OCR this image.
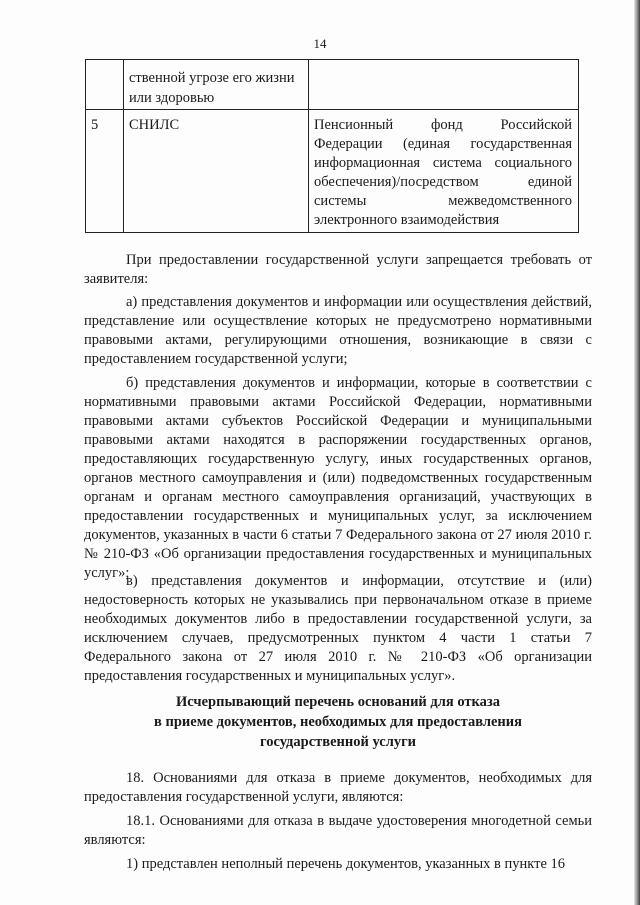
14
	ственной угрозе его жизни или здоровью	
5	СНИЛС	Пенсионный фонд Российской Федерации (единая государственная информационная система социального обеспечения)/посредством единой системы межведомственного электронного взаимодействия

При предоставлении государственной услуги запрещается требовать от заявителя:

а) представления документов и информации или осуществления действий, представление или осуществление которых не предусмотрено нормативными правовыми актами, регулирующими отношения, возникающие в связи с предоставлением государственной услуги;

б) представления документов и информации, которые в соответствии с нормативными правовыми актами Российской Федерации, нормативными правовыми актами субъектов Российской Федерации и муниципальными правовыми актами находятся в распоряжении государственных органов, предоставляющих государственную услугу, иных государственных органов, органов местного самоуправления и (или) подведомственных государственным органам и органам местного самоуправления организаций, участвующих в предоставлении государственных и муниципальных услуг, за исключением документов, указанных в части 6 статьи 7 Федерального закона от 27 июля 2010 г. № 210-ФЗ «Об организации предоставления государственных и муниципальных услуг»;

в) представления документов и информации, отсутствие и (или) недостоверность которых не указывались при первоначальном отказе в приеме необходимых документов либо в предоставлении государственной услуги, за исключением случаев, предусмотренных пунктом 4 части 1 статьи 7 Федерального закона от 27 июля 2010 г. № 210-ФЗ «Об организации предоставления государственных и муниципальных услуг».

Исчерпывающий перечень оснований для отказа
в приеме документов, необходимых для предоставления
государственной услуги

18. Основаниями для отказа в приеме документов, необходимых для предоставления государственной услуги, являются:

18.1. Основаниями для отказа в выдаче удостоверения многодетной семьи являются:

1) представлен неполный перечень документов, указанных в пункте 16
